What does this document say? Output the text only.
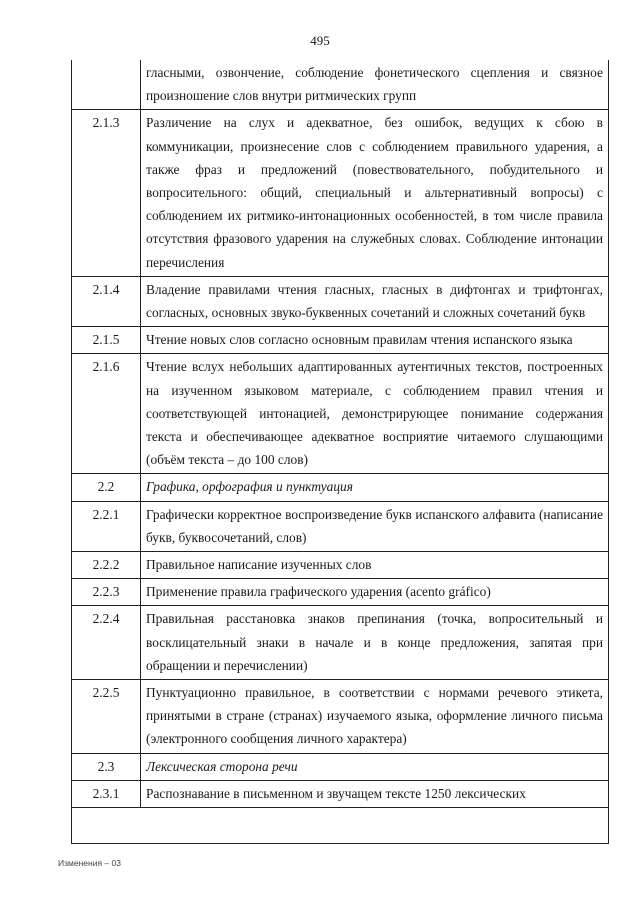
495
	гласными, озвончение, соблюдение фонетического сцепления и связное произношение слов внутри ритмических групп
2.1.3	Различение на слух и адекватное, без ошибок, ведущих к сбою в коммуникации, произнесение слов с соблюдением правильного ударения, а также фраз и предложений (повествовательного, побудительного и вопросительного: общий, специальный и альтернативный вопросы) с соблюдением их ритмико-интонационных особенностей, в том числе правила отсутствия фразового ударения на служебных словах. Соблюдение интонации перечисления
2.1.4	Владение правилами чтения гласных, гласных в дифтонгах и трифтонгах, согласных, основных звуко-буквенных сочетаний и сложных сочетаний букв
2.1.5	Чтение новых слов согласно основным правилам чтения испанского языка
2.1.6	Чтение вслух небольших адаптированных аутентичных текстов, построенных на изученном языковом материале, с соблюдением правил чтения и соответствующей интонацией, демонстрирующее понимание содержания текста и обеспечивающее адекватное восприятие читаемого слушающими (объём текста – до 100 слов)
2.2	Графика, орфография и пунктуация
2.2.1	Графически корректное воспроизведение букв испанского алфавита (написание букв, буквосочетаний, слов)
2.2.2	Правильное написание изученных слов
2.2.3	Применение правила графического ударения (acento gráfico)
2.2.4	Правильная расстановка знаков препинания (точка, вопросительный и восклицательный знаки в начале и в конце предложения, запятая при обращении и перечислении)
2.2.5	Пунктуационно правильное, в соответствии с нормами речевого этикета, принятыми в стране (странах) изучаемого языка, оформление личного письма (электронного сообщения личного характера)
2.3	Лексическая сторона речи
2.3.1	Распознавание в письменном и звучащем тексте 1250 лексических
Изменения – 03
